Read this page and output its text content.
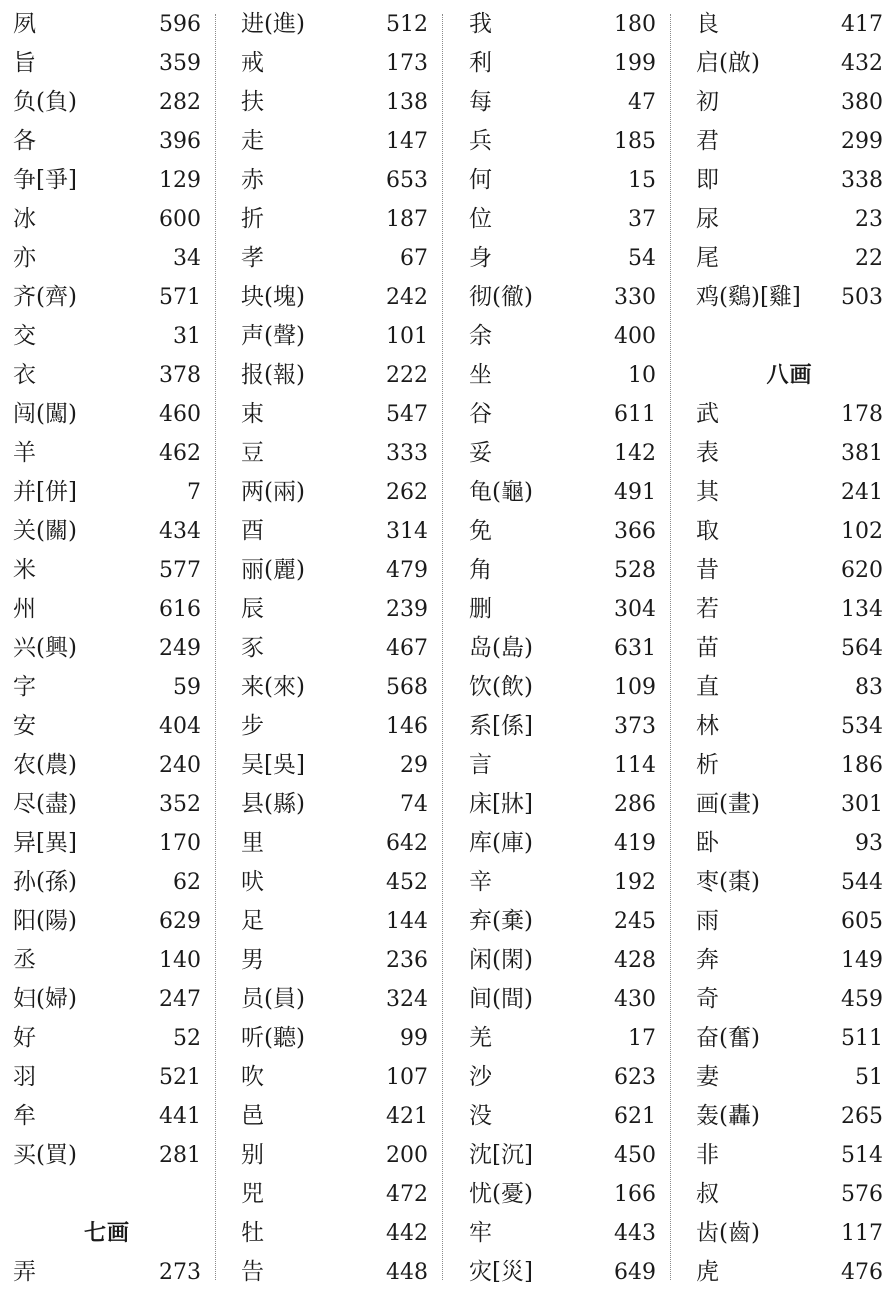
夙	596
旨	359
负(負)	282
各	396
争[爭]	129
冰	600
亦	34
齐(齊)	571
交	31
衣	378
闯(闖)	460
羊	462
并[併]	7
关(關)	434
米	577
州	616
兴(興)	249
字	59
安	404
农(農)	240
尽(盡)	352
异[異]	170
孙(孫)	62
阳(陽)	629
丞	140
妇(婦)	247
好	52
羽	521
牟	441
买(買)	281
七画
弄	273
进(進)	512
戒	173
扶	138
走	147
赤	653
折	187
孝	67
块(塊)	242
声(聲)	101
报(報)	222
束	547
豆	333
两(兩)	262
酉	314
丽(麗)	479
辰	239
豕	467
来(來)	568
步	146
吴[吳]	29
县(縣)	74
里	642
吠	452
足	144
男	236
员(員)	324
听(聽)	99
吹	107
邑	421
别	200
兕	472
牡	442
告	448
我	180
利	199
每	47
兵	185
何	15
位	37
身	54
彻(徹)	330
余	400
坐	10
谷	611
妥	142
龟(龜)	491
免	366
角	528
删	304
岛(島)	631
饮(飲)	109
系[係]	373
言	114
床[牀]	286
库(庫)	419
辛	192
弃(棄)	245
闲(閑)	428
间(間)	430
羌	17
沙	623
没	621
沈[沉]	450
忧(憂)	166
牢	443
灾[災]	649
良	417
启(啟)	432
初	380
君	299
即	338
尿	23
尾	22
鸡(鷄)[雞] 503
八画
武	178
表	381
其	241
取	102
昔	620
若	134
苗	564
直	83
林	534
析	186
画(畫)	301
卧	93
枣(棗)	544
雨	605
奔	149
奇	459
奋(奮)	511
妻	51
轰(轟)	265
非	514
叔	576
齿(齒)	117
虎	476
